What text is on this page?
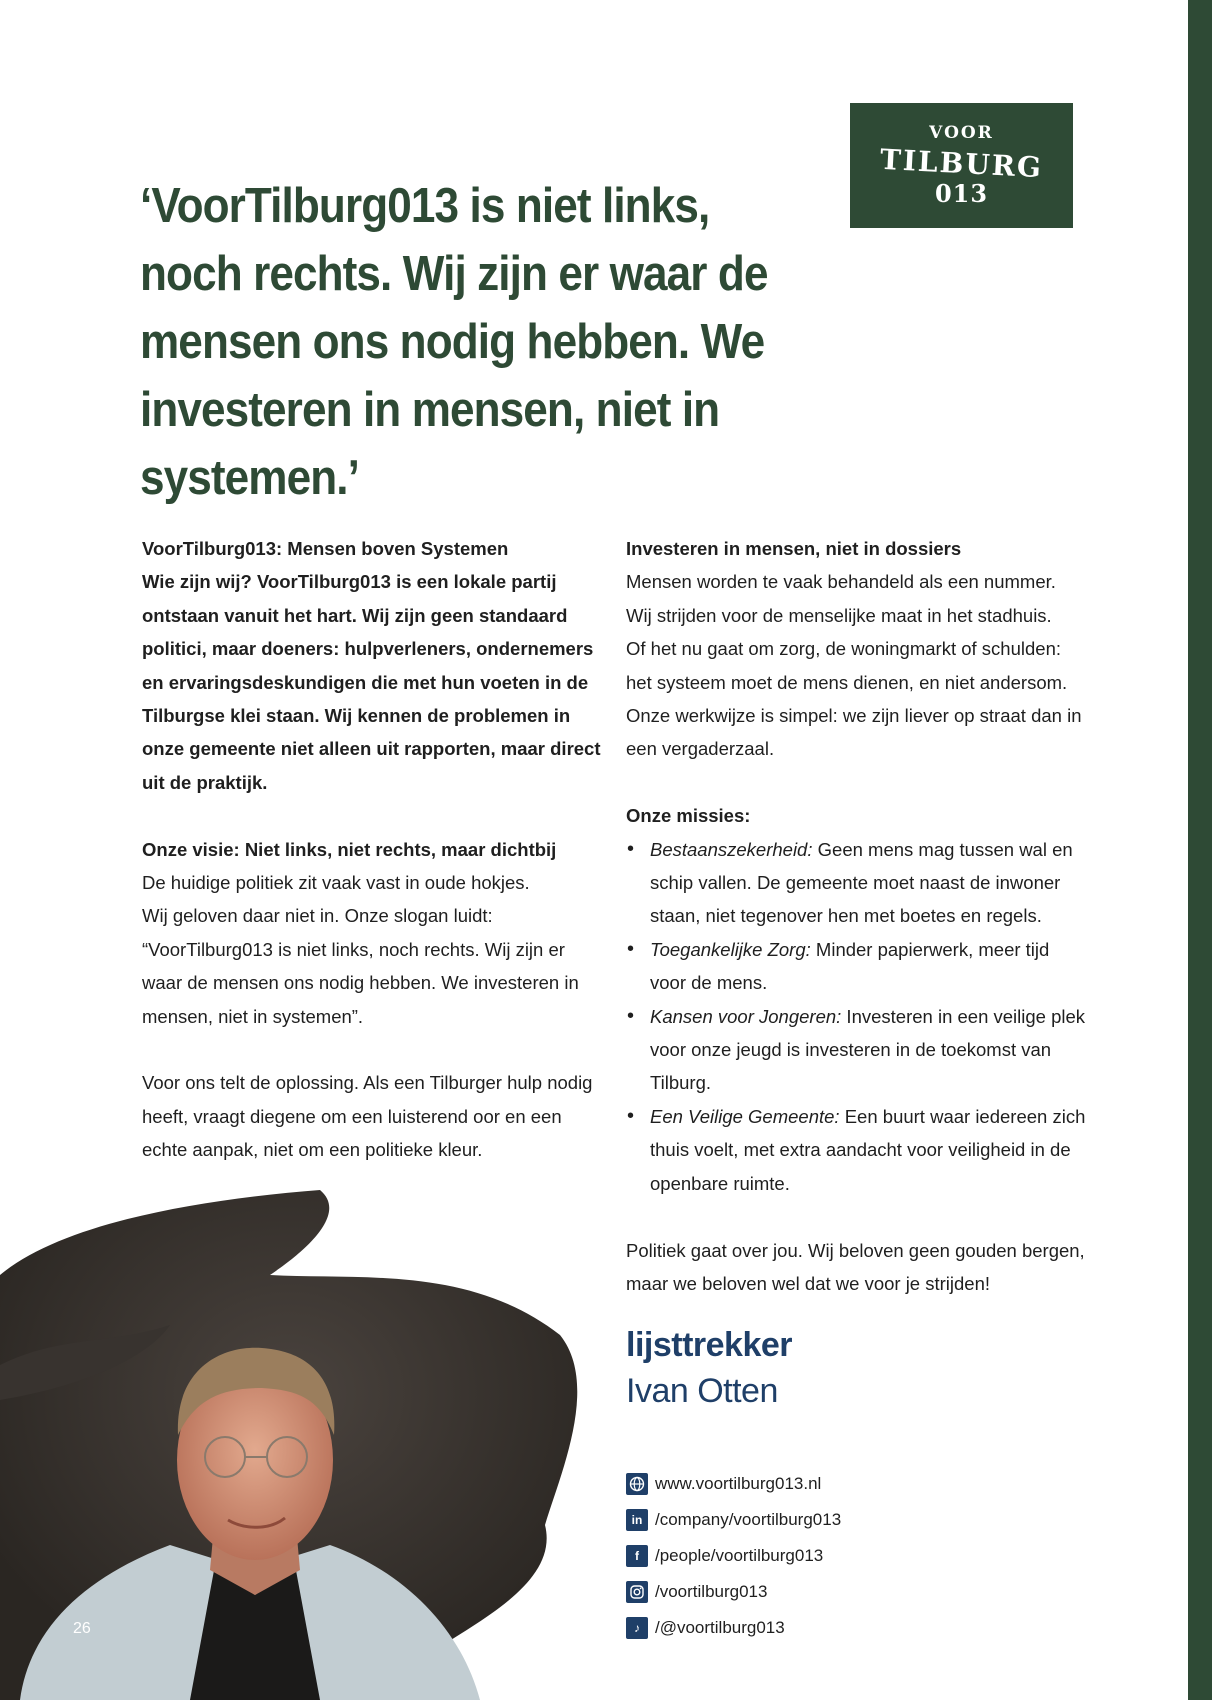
VOOR
TILBURG
013
‘VoorTilburg013 is niet links, noch rechts. Wij zijn er waar de mensen ons nodig hebben. We investeren in mensen, niet in systemen.’

VoorTilburg013: Mensen boven Systemen

Wie zijn wij? VoorTilburg013 is een lokale partij ontstaan vanuit het hart. Wij zijn geen standaard politici, maar doeners: hulpverleners, ondernemers en ervaringsdeskundigen die met hun voeten in de Tilburgse klei staan. Wij kennen de problemen in onze gemeente niet alleen uit rapporten, maar direct uit de praktijk.

Onze visie: Niet links, niet rechts, maar dichtbij

De huidige politiek zit vaak vast in oude hokjes.

Wij geloven daar niet in. Onze slogan luidt: “VoorTilburg013 is niet links, noch rechts. Wij zijn er waar de mensen ons nodig hebben. We investeren in mensen, niet in systemen”.

Voor ons telt de oplossing. Als een Tilburger hulp nodig heeft, vraagt diegene om een luisterend oor en een echte aanpak, niet om een politieke kleur.

Investeren in mensen, niet in dossiers

Mensen worden te vaak behandeld als een nummer.

Wij strijden voor de menselijke maat in het stadhuis.

Of het nu gaat om zorg, de woningmarkt of schulden: het systeem moet de mens dienen, en niet andersom.

Onze werkwijze is simpel: we zijn liever op straat dan in een vergaderzaal.

Onze missies:

• Bestaanszekerheid: Geen mens mag tussen wal en schip vallen. De gemeente moet naast de inwoner staan, niet tegenover hen met boetes en regels.
• Toegankelijke Zorg: Minder papierwerk, meer tijd voor de mens.
• Kansen voor Jongeren: Investeren in een veilige plek voor onze jeugd is investeren in de toekomst van Tilburg.
• Een Veilige Gemeente: Een buurt waar iedereen zich thuis voelt, met extra aandacht voor veiligheid in de openbare ruimte.

Politiek gaat over jou. Wij beloven geen gouden bergen, maar we beloven wel dat we voor je strijden!

lijsttrekker
Ivan Otten
www.voortilburg013.nl
in /company/voortilburg013
f /people/voortilburg013
/voortilburg013
♪ /@voortilburg013
26
